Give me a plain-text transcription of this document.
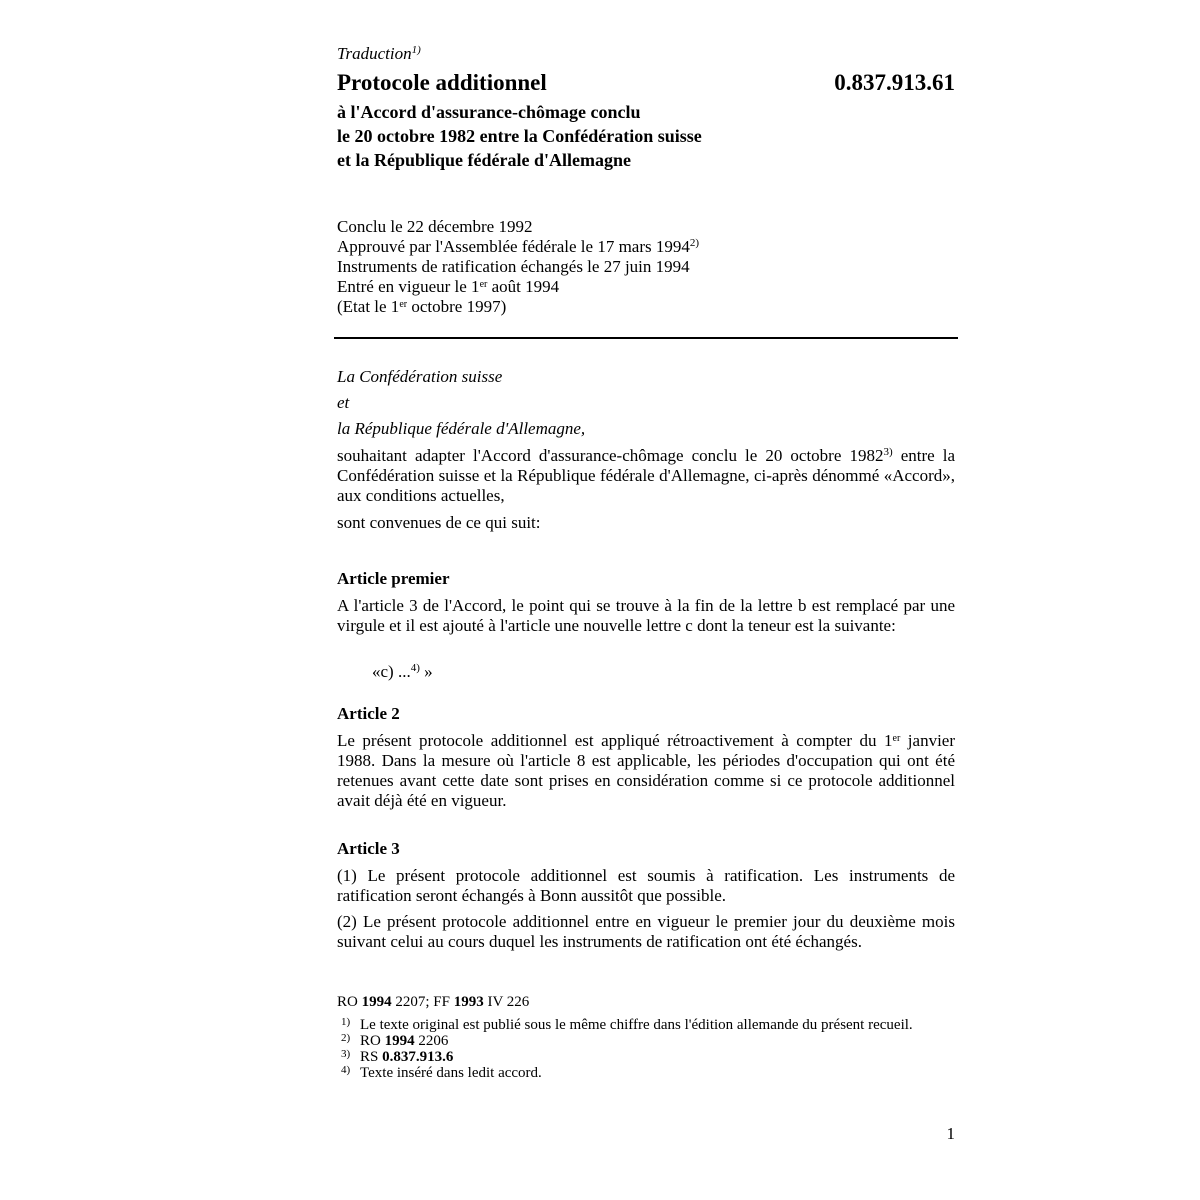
Traduction$^{1)}$
Protocole additionnel	0.837.913.61
à l'Accord d'assurance-chômage conclu
le 20 octobre 1982 entre la Confédération suisse
et la République fédérale d'Allemagne
Conclu le 22 décembre 1992
Approuvé par l'Assemblée fédérale le 17 mars 1994$^{2)}$
Instruments de ratification échangés le 27 juin 1994
Entré en vigueur le 1er août 1994
(Etat le 1er octobre 1997)
La Confédération suisse
et
la République fédérale d'Allemagne,
souhaitant adapter l'Accord d'assurance-chômage conclu le 20 octobre 1982$^{3)}$ entre la Confédération suisse et la République fédérale d'Allemagne, ci-après dénommé «Accord», aux conditions actuelles,
sont convenues de ce qui suit:
Article premier
A l'article 3 de l'Accord, le point qui se trouve à la fin de la lettre b est remplacé par une virgule et il est ajouté à l'article une nouvelle lettre c dont la teneur est la suivante:
«c) ...$^{4)}$ »
Article 2
Le présent protocole additionnel est appliqué rétroactivement à compter du 1er janvier 1988. Dans la mesure où l'article 8 est applicable, les périodes d'occupation qui ont été retenues avant cette date sont prises en considération comme si ce protocole additionnel avait déjà été en vigueur.
Article 3
(1) Le présent protocole additionnel est soumis à ratification. Les instruments de ratification seront échangés à Bonn aussitôt que possible.
(2) Le présent protocole additionnel entre en vigueur le premier jour du deuxième mois suivant celui au cours duquel les instruments de ratification ont été échangés.
RO 1994 2207; FF 1993 IV 226
1) Le texte original est publié sous le même chiffre dans l'édition allemande du présent recueil.
2) RO 1994 2206
3) RS 0.837.913.6
4) Texte inséré dans ledit accord.
1
